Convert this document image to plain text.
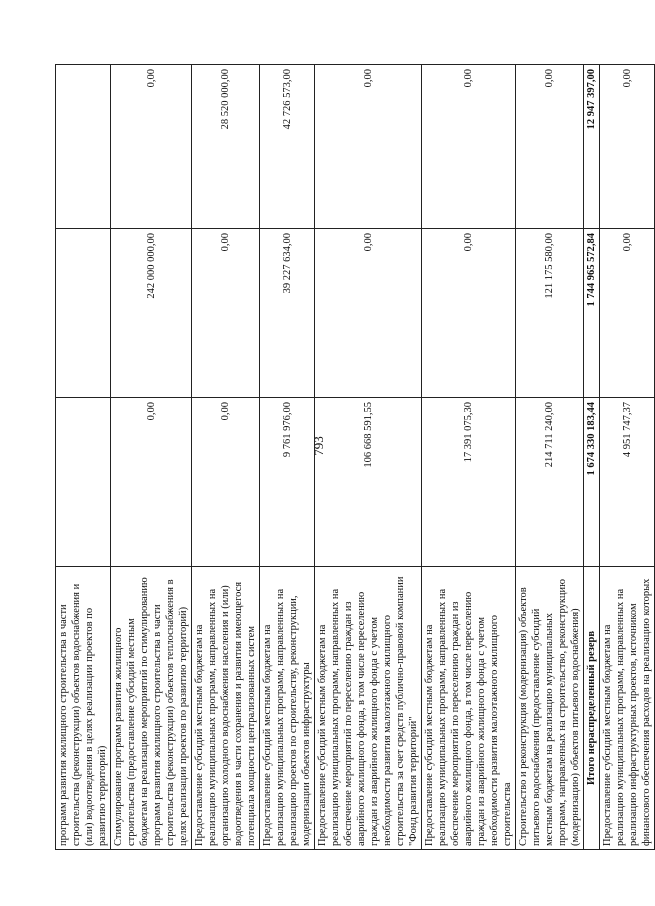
793
программ развития жилищного строительства в части строительства (реконструкции) объектов водоснабжения и (или) водоотведения в целях реализации проектов по развитию территорий)			
Стимулирование программ развития жилищного строительства (предоставление субсидий местным бюджетам на реализацию мероприятий по стимулированию программ развития жилищного строительства в части строительства (реконструкции) объектов теплоснабжения в целях реализации проектов по развитию территорий)	0,00	242 000 000,00	0,00
Предоставление субсидий местным бюджетам на реализацию муниципальных программ, направленных на организацию холодного водоснабжения населения и (или) водоотведения в части сохранения и развития имеющегося потенциала мощности централизованных систем	0,00	0,00	28 520 000,00
Предоставление субсидий местным бюджетам на реализацию муниципальных программ, направленных на реализацию проектов по строительству, реконструкции, модернизации объектов инфраструктуры	9 761 976,00	39 227 634,00	42 726 573,00
Предоставление субсидий местным бюджетам на реализацию муниципальных программ, направленных на обеспечение мероприятий по переселению граждан из аварийного жилищного фонда, в том числе переселению граждан из аварийного жилищного фонда с учетом необходимости развития малоэтажного жилищного строительства за счет средств публично-правовой компании "Фонд развития территорий"	106 668 591,55	0,00	0,00
Предоставление субсидий местным бюджетам на реализацию муниципальных программ, направленных на обеспечение мероприятий по переселению граждан из аварийного жилищного фонда, в том числе переселению граждан из аварийного жилищного фонда с учетом необходимости развития малоэтажного жилищного строительства	17 391 075,30	0,00	0,00
Строительство и реконструкция (модернизация) объектов питьевого водоснабжения (предоставление субсидий местным бюджетам на реализацию муниципальных программ, направленных на строительство, реконструкцию (модернизацию) объектов питьевого водоснабжения)	214 711 240,00	121 175 580,00	0,00
Итого нераспределенный резерв	1 674 330 183,44	1 744 965 572,84	12 947 397,00
Предоставление субсидий местным бюджетам на реализацию муниципальных программ, направленных на реализацию инфраструктурных проектов, источником финансового обеспечения расходов на реализацию которых	4 951 747,37	0,00	0,00
